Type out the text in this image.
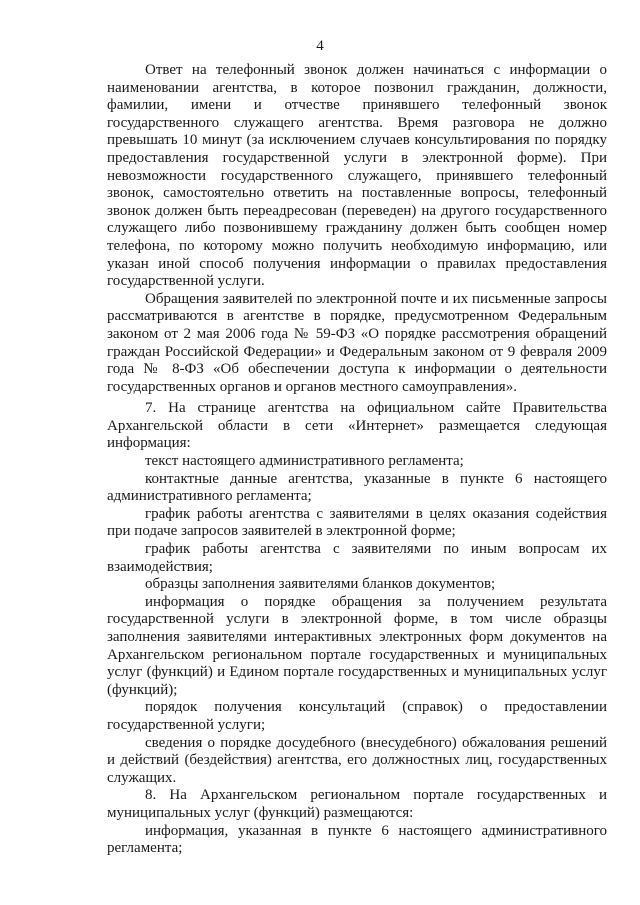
4

Ответ на телефонный звонок должен начинаться с информации о наименовании агентства, в которое позвонил гражданин, должности, фамилии, имени и отчестве принявшего телефонный звонок государственного служащего агентства. Время разговора не должно превышать 10 минут (за исключением случаев консультирования по порядку предоставления государственной услуги в электронной форме). При невозможности государственного служащего, принявшего телефонный звонок, самостоятельно ответить на поставленные вопросы, телефонный звонок должен быть переадресован (переведен) на другого государственного служащего либо позвонившему гражданину должен быть сообщен номер телефона, по которому можно получить необходимую информацию, или указан иной способ получения информации о правилах предоставления государственной услуги.

Обращения заявителей по электронной почте и их письменные запросы рассматриваются в агентстве в порядке, предусмотренном Федеральным законом от 2 мая 2006 года № 59-ФЗ «О порядке рассмотрения обращений граждан Российской Федерации» и Федеральным законом от 9 февраля 2009 года № 8-ФЗ «Об обеспечении доступа к информации о деятельности государственных органов и органов местного самоуправления».

7. На странице агентства на официальном сайте Правительства Архангельской области в сети «Интернет» размещается следующая информация:

текст настоящего административного регламента;

контактные данные агентства, указанные в пункте 6 настоящего административного регламента;

график работы агентства с заявителями в целях оказания содействия при подаче запросов заявителей в электронной форме;

график работы агентства с заявителями по иным вопросам их взаимодействия;

образцы заполнения заявителями бланков документов;

информация о порядке обращения за получением результата государственной услуги в электронной форме, в том числе образцы заполнения заявителями интерактивных электронных форм документов на Архангельском региональном портале государственных и муниципальных услуг (функций) и Едином портале государственных и муниципальных услуг (функций);

порядок получения консультаций (справок) о предоставлении государственной услуги;

сведения о порядке досудебного (внесудебного) обжалования решений и действий (бездействия) агентства, его должностных лиц, государственных служащих.

8. На Архангельском региональном портале государственных и муниципальных услуг (функций) размещаются:

информация, указанная в пункте 6 настоящего административного регламента;
